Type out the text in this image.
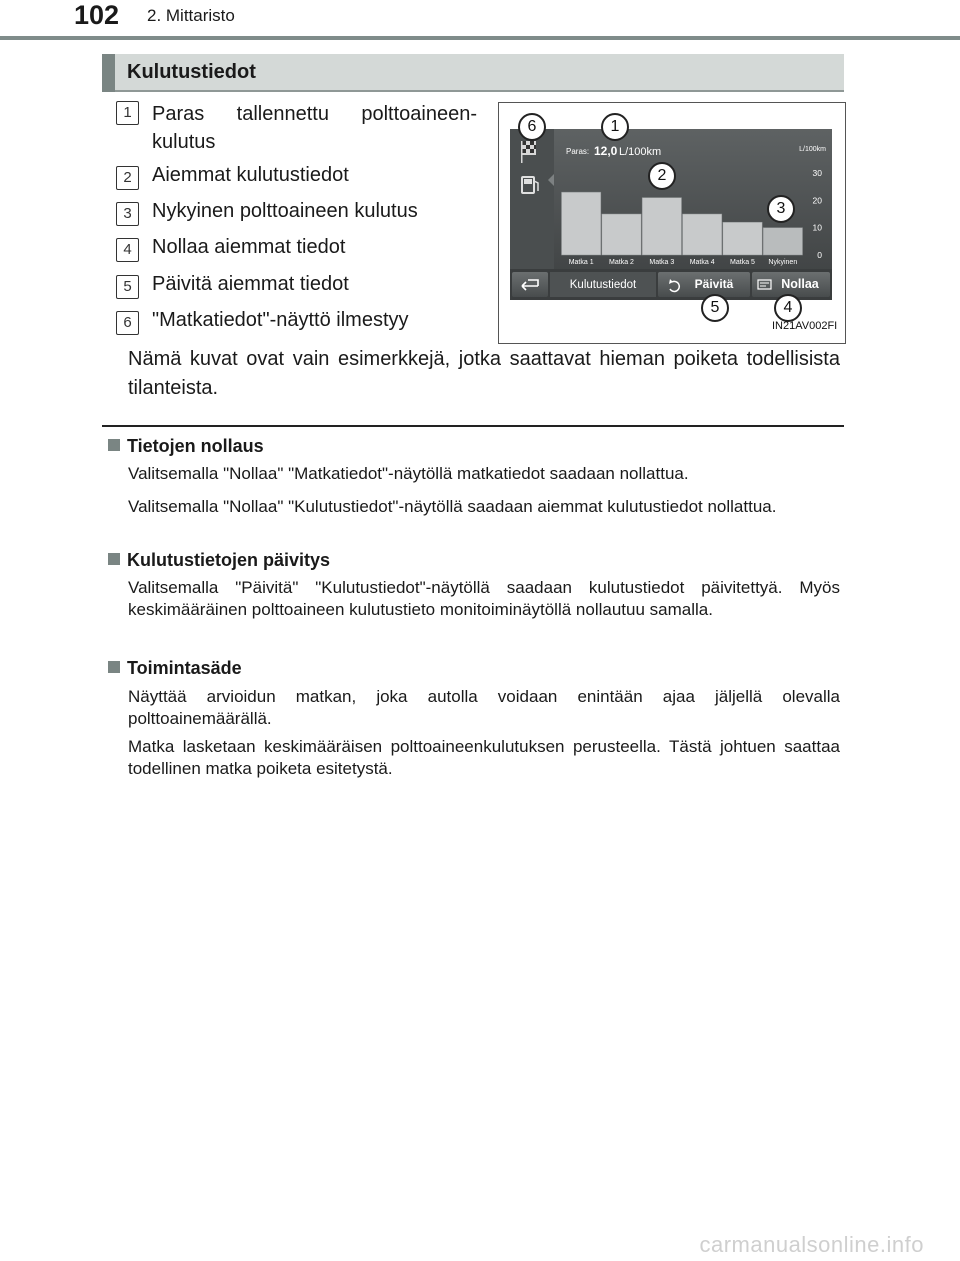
102 2. Mittaristo
Kulutustiedot
1	Paras tallennettu polttoaineen-kulutus
2	Aiemmat kulutustiedot
3	Nykyinen polttoaineen kulutus
4	Nollaa aiemmat tiedot
5	Päivitä aiemmat tiedot
6	"Matkatiedot"-näyttö ilmestyy
Paras: 12,0 L/100km	L/100km
30
20
10
0
Matka 1 Matka 2 Matka 3 Matka 4 Matka 5 Nykyinen
Kulutustiedot	Päivitä	Nollaa
6	1
2
3
5	4
IN21AV002FI
Nämä kuvat ovat vain esimerkkejä, jotka saattavat hieman poiketa todellisista tilanteista.
Tietojen nollaus
Valitsemalla "Nollaa" "Matkatiedot"-näytöllä matkatiedot saadaan nollattua.
Valitsemalla "Nollaa" "Kulutustiedot"-näytöllä saadaan aiemmat kulutustiedot nollattua.
Kulutustietojen päivitys
Valitsemalla "Päivitä" "Kulutustiedot"-näytöllä saadaan kulutustiedot päivitettyä. Myös keskimääräinen polttoaineen kulutustieto monitoiminäytöllä nollautuu samalla.
Toimintasäde
Näyttää arvioidun matkan, joka autolla voidaan enintään ajaa jäljellä olevalla polttoainemäärällä.
Matka lasketaan keskimääräisen polttoaineenkulutuksen perusteella. Tästä johtuen saattaa todellinen matka poiketa esitetystä.
carmanualsonline.info
